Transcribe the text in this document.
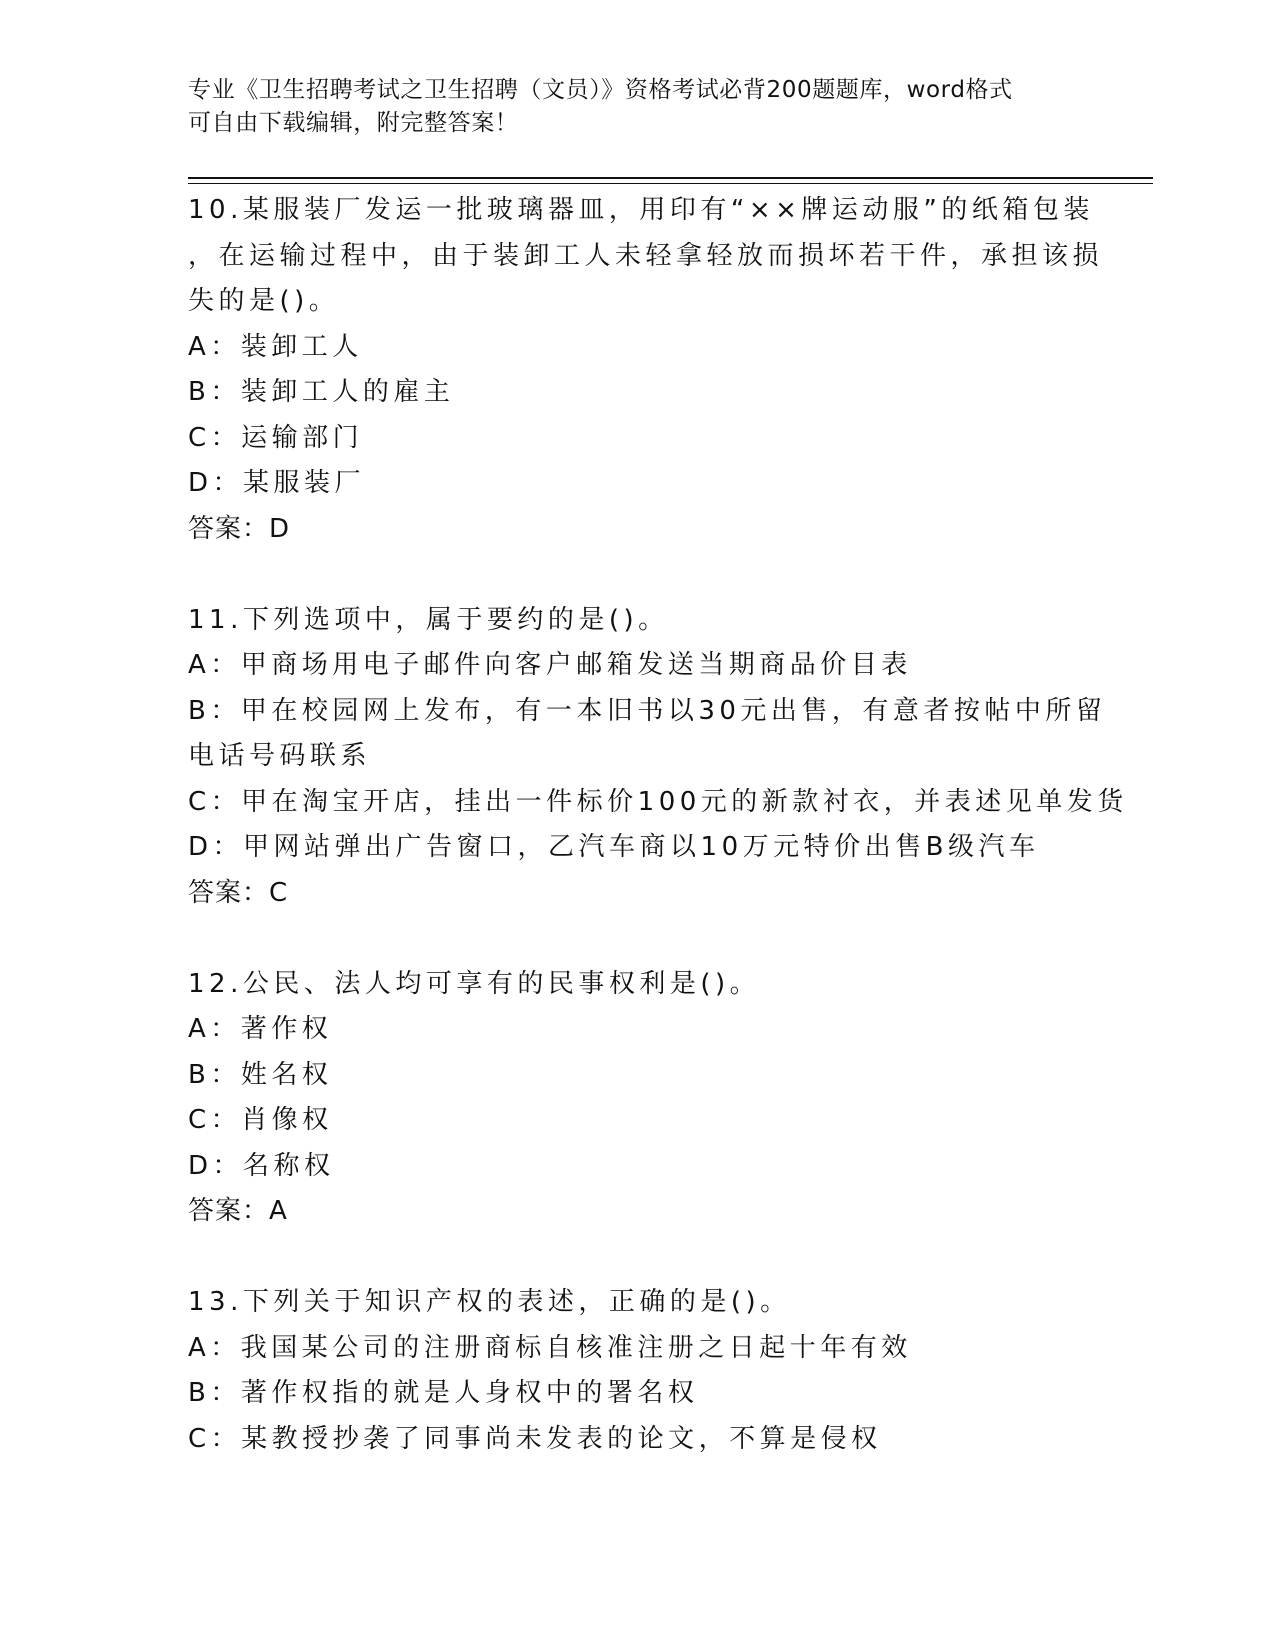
专业《卫生招聘考试之卫生招聘（文员）》资格考试必背200题题库，word格式
可自由下载编辑，附完整答案！
10.某服装厂发运一批玻璃器皿，用印有“××牌运动服”的纸箱包装
，在运输过程中，由于装卸工人未轻拿轻放而损坏若干件，承担该损
失的是()。
A：装卸工人
B：装卸工人的雇主
C：运输部门
D：某服装厂
答案：D
11.下列选项中，属于要约的是()。
A：甲商场用电子邮件向客户邮箱发送当期商品价目表
B：甲在校园网上发布，有一本旧书以30元出售，有意者按帖中所留
电话号码联系
C：甲在淘宝开店，挂出一件标价100元的新款衬衣，并表述见单发货
D：甲网站弹出广告窗口，乙汽车商以10万元特价出售B级汽车
答案：C
12.公民、法人均可享有的民事权利是()。
A：著作权
B：姓名权
C：肖像权
D：名称权
答案：A
13.下列关于知识产权的表述，正确的是()。
A：我国某公司的注册商标自核准注册之日起十年有效
B：著作权指的就是人身权中的署名权
C：某教授抄袭了同事尚未发表的论文，不算是侵权
